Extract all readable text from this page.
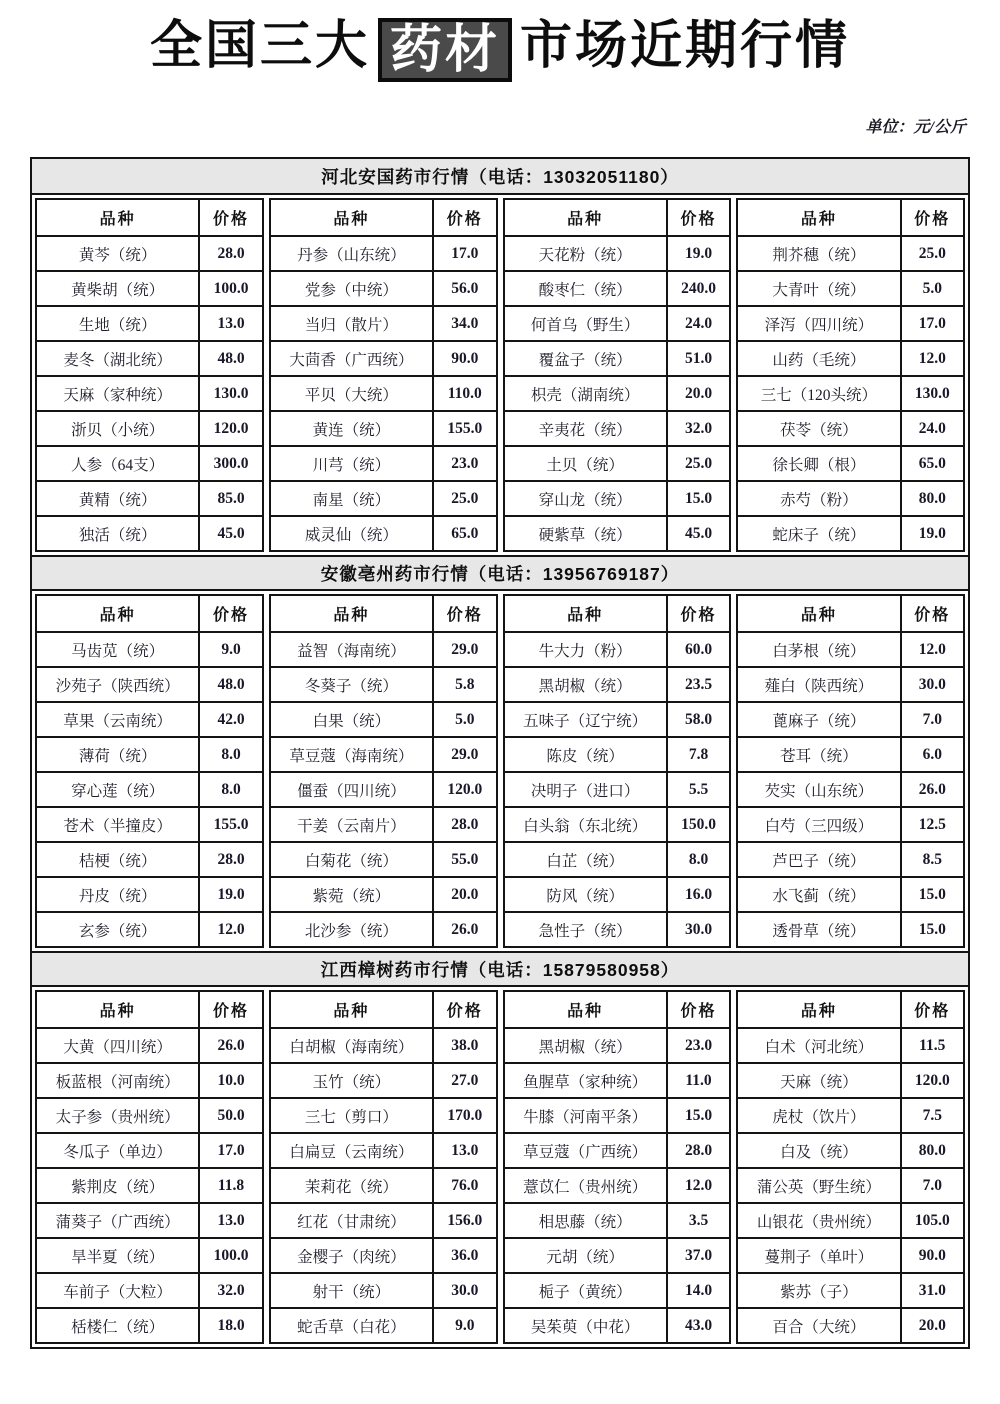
全国三大 药材 市场近期行情
单位：元/公斤
河北安国药市行情（电话：13032051180）
品种	价格
黄芩（统）	28.0
黄柴胡（统）	100.0
生地（统）	13.0
麦冬（湖北统）	48.0
天麻（家种统）	130.0
浙贝（小统）	120.0
人参（64支）	300.0
黄精（统）	85.0
独活（统）	45.0
品种	价格
丹参（山东统）	17.0
党参（中统）	56.0
当归（散片）	34.0
大茴香（广西统）	90.0
平贝（大统）	110.0
黄连（统）	155.0
川芎（统）	23.0
南星（统）	25.0
威灵仙（统）	65.0
品种	价格
天花粉（统）	19.0
酸枣仁（统）	240.0
何首乌（野生）	24.0
覆盆子（统）	51.0
枳壳（湖南统）	20.0
辛夷花（统）	32.0
土贝（统）	25.0
穿山龙（统）	15.0
硬紫草（统）	45.0
品种	价格
荆芥穗（统）	25.0
大青叶（统）	5.0
泽泻（四川统）	17.0
山药（毛统）	12.0
三七（120头统）	130.0
茯苓（统）	24.0
徐长卿（根）	65.0
赤芍（粉）	80.0
蛇床子（统）	19.0
安徽亳州药市行情（电话：13956769187）
品种	价格
马齿苋（统）	9.0
沙苑子（陕西统）	48.0
草果（云南统）	42.0
薄荷（统）	8.0
穿心莲（统）	8.0
苍术（半撞皮）	155.0
桔梗（统）	28.0
丹皮（统）	19.0
玄参（统）	12.0
品种	价格
益智（海南统）	29.0
冬葵子（统）	5.8
白果（统）	5.0
草豆蔻（海南统）	29.0
僵蚕（四川统）	120.0
干姜（云南片）	28.0
白菊花（统）	55.0
紫菀（统）	20.0
北沙参（统）	26.0
品种	价格
牛大力（粉）	60.0
黑胡椒（统）	23.5
五味子（辽宁统）	58.0
陈皮（统）	7.8
决明子（进口）	5.5
白头翁（东北统）	150.0
白芷（统）	8.0
防风（统）	16.0
急性子（统）	30.0
品种	价格
白茅根（统）	12.0
薤白（陕西统）	30.0
蓖麻子（统）	7.0
苍耳（统）	6.0
芡实（山东统）	26.0
白芍（三四级）	12.5
芦巴子（统）	8.5
水飞蓟（统）	15.0
透骨草（统）	15.0
江西樟树药市行情（电话：15879580958）
品种	价格
大黄（四川统）	26.0
板蓝根（河南统）	10.0
太子参（贵州统）	50.0
冬瓜子（单边）	17.0
紫荆皮（统）	11.8
蒲葵子（广西统）	13.0
旱半夏（统）	100.0
车前子（大粒）	32.0
栝楼仁（统）	18.0
品种	价格
白胡椒（海南统）	38.0
玉竹（统）	27.0
三七（剪口）	170.0
白扁豆（云南统）	13.0
茉莉花（统）	76.0
红花（甘肃统）	156.0
金樱子（肉统）	36.0
射干（统）	30.0
蛇舌草（白花）	9.0
品种	价格
黑胡椒（统）	23.0
鱼腥草（家种统）	11.0
牛膝（河南平条）	15.0
草豆蔻（广西统）	28.0
薏苡仁（贵州统）	12.0
相思藤（统）	3.5
元胡（统）	37.0
栀子（黄统）	14.0
吴茱萸（中花）	43.0
品种	价格
白术（河北统）	11.5
天麻（统）	120.0
虎杖（饮片）	7.5
白及（统）	80.0
蒲公英（野生统）	7.0
山银花（贵州统）	105.0
蔓荆子（单叶）	90.0
紫苏（子）	31.0
百合（大统）	20.0
